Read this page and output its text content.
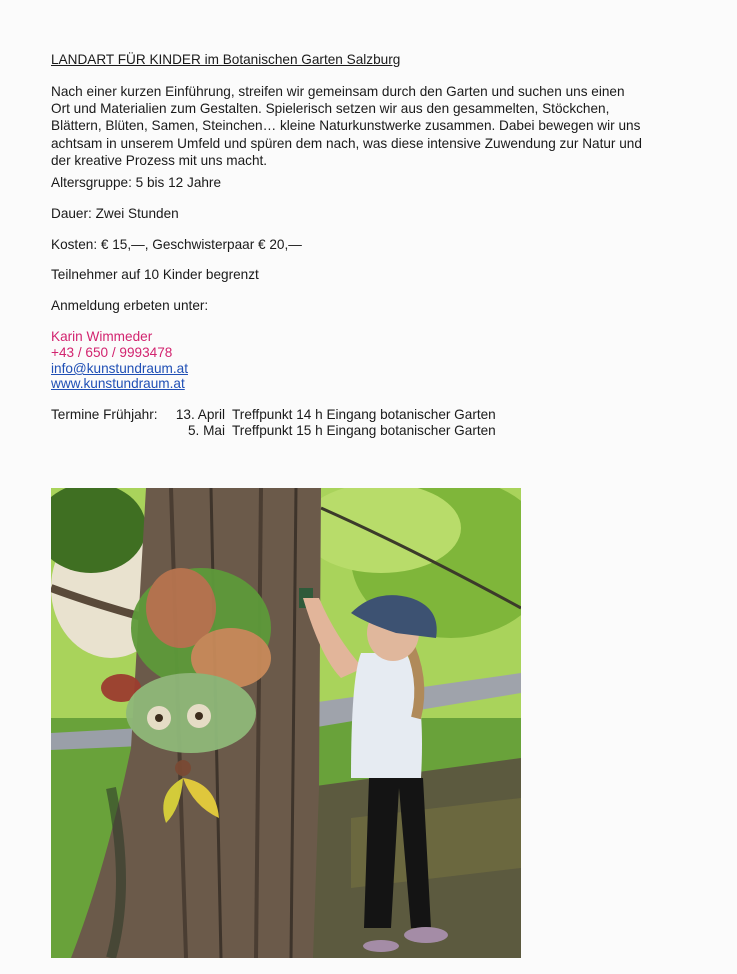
LANDART FÜR KINDER im Botanischen Garten Salzburg
Nach einer kurzen Einführung, streifen wir gemeinsam durch den Garten und suchen uns einen
Ort und Materialien zum Gestalten. Spielerisch setzen wir aus den gesammelten, Stöckchen,
Blättern, Blüten, Samen, Steinchen… kleine Naturkunstwerke zusammen. Dabei bewegen wir uns
achtsam in unserem Umfeld und spüren dem nach, was diese intensive Zuwendung zur Natur und
der kreative Prozess mit uns macht.
Altersgruppe: 5 bis 12 Jahre
Dauer: Zwei Stunden
Kosten: € 15,—, Geschwisterpaar € 20,—
Teilnehmer auf 10 Kinder begrenzt
Anmeldung erbeten unter:
Karin Wimmeder
+43 / 650 / 9993478
info@kunstundraum.at
www.kunstundraum.at
Termine Frühjahr:	13. April Treffpunkt 14 h Eingang botanischer Garten
5. Mai Treffpunkt 15 h Eingang botanischer Garten
